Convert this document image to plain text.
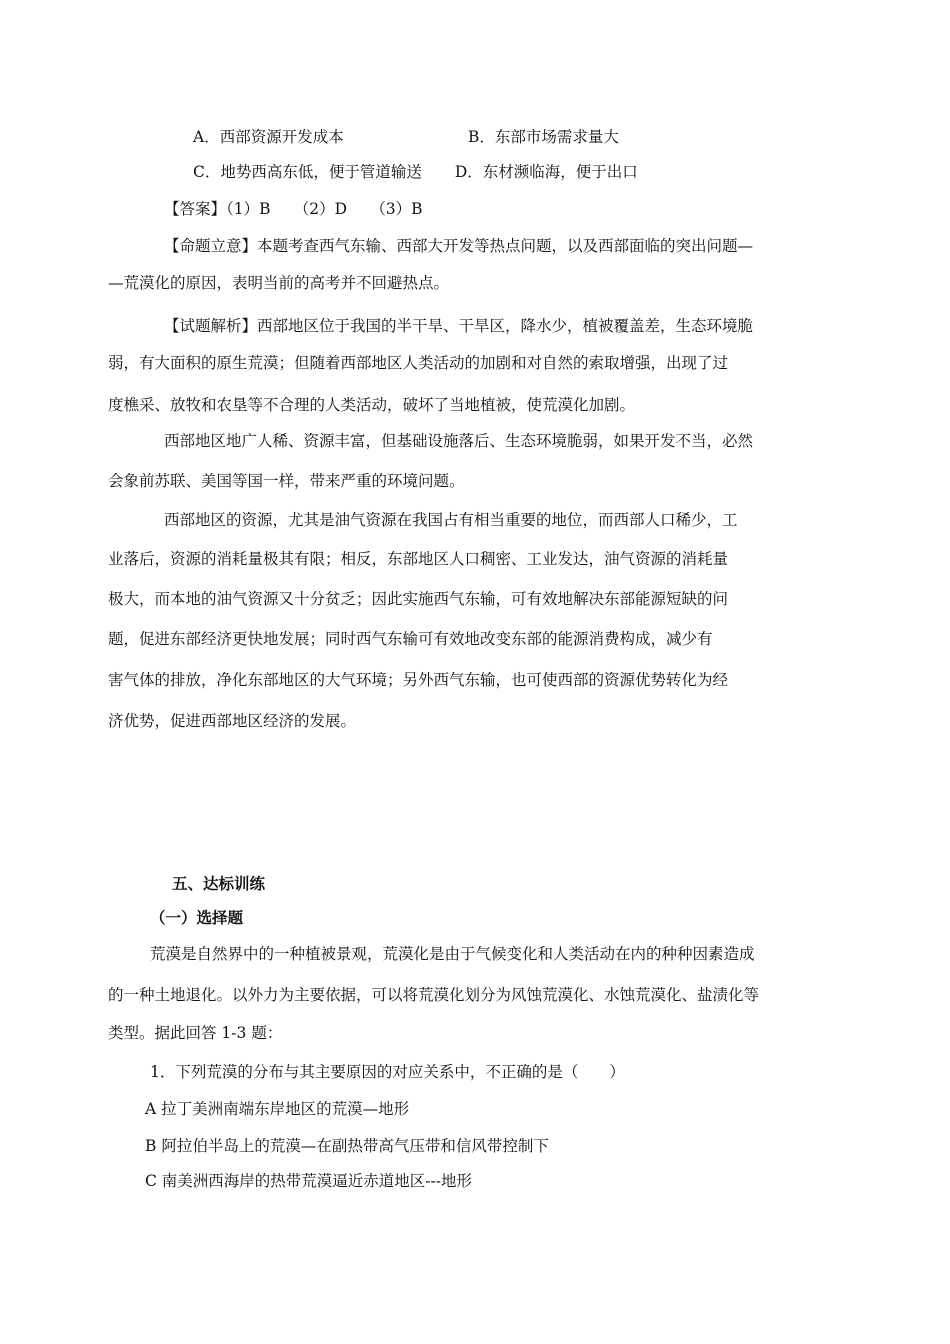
A．西部资源开发成本	B．东部市场需求量大
C．地势西高东低，便于管道输送 D．东材濒临海，便于出口
【答案】（1）B　　（2）D　　（3）B
【命题立意】本题考查西气东输、西部大开发等热点问题，以及西部面临的突出问题—
—荒漠化的原因，表明当前的高考并不回避热点。
【试题解析】西部地区位于我国的半干旱、干旱区，降水少，植被覆盖差，生态环境脆
弱，有大面积的原生荒漠；但随着西部地区人类活动的加剧和对自然的索取增强，出现了过
度樵采、放牧和农垦等不合理的人类活动，破坏了当地植被，使荒漠化加剧。
西部地区地广人稀、资源丰富，但基础设施落后、生态环境脆弱，如果开发不当，必然
会象前苏联、美国等国一样，带来严重的环境问题。
西部地区的资源，尤其是油气资源在我国占有相当重要的地位，而西部人口稀少，工
业落后，资源的消耗量极其有限；相反，东部地区人口稠密、工业发达，油气资源的消耗量
极大，而本地的油气资源又十分贫乏；因此实施西气东输，可有效地解决东部能源短缺的问
题，促进东部经济更快地发展；同时西气东输可有效地改变东部的能源消费构成，减少有
害气体的排放，净化东部地区的大气环境；另外西气东输，也可使西部的资源优势转化为经
济优势，促进西部地区经济的发展。
五、达标训练
（一）选择题
荒漠是自然界中的一种植被景观，荒漠化是由于气候变化和人类活动在内的种种因素造成
的一种土地退化。以外力为主要依据，可以将荒漠化划分为风蚀荒漠化、水蚀荒漠化、盐渍化等
类型。据此回答 1-3 题：
1．下列荒漠的分布与其主要原因的对应关系中，不正确的是（　　）
A 拉丁美洲南端东岸地区的荒漠—地形
B 阿拉伯半岛上的荒漠—在副热带高气压带和信风带控制下
C 南美洲西海岸的热带荒漠逼近赤道地区---地形
